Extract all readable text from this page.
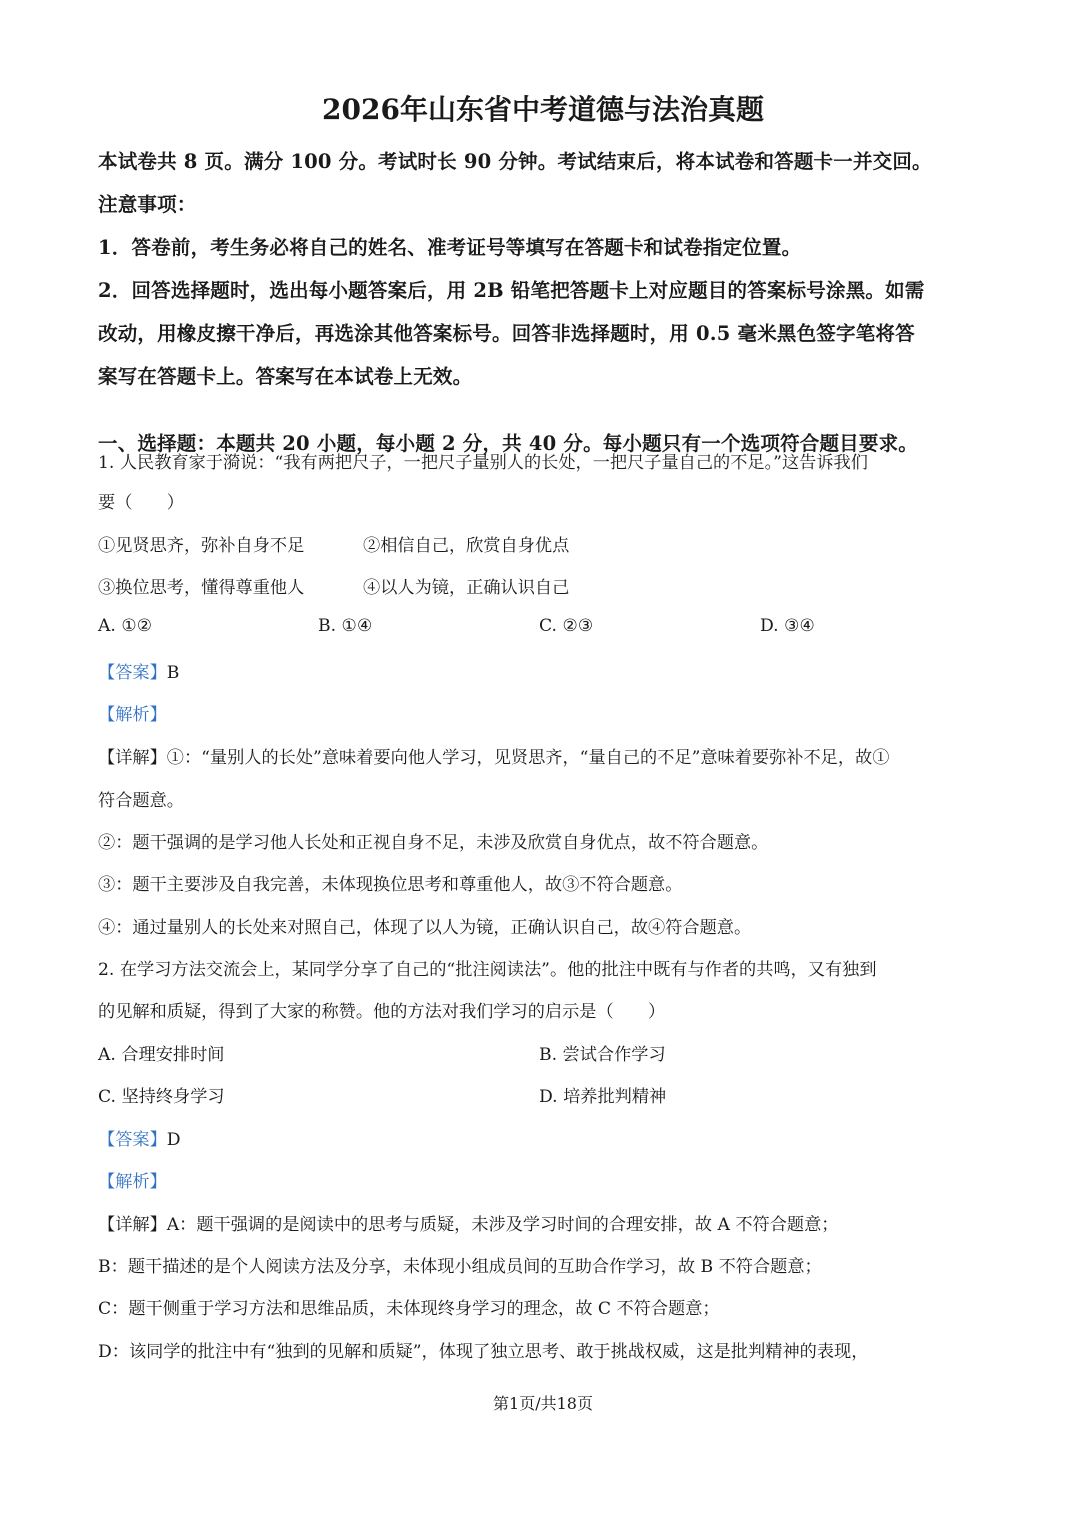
2026年山东省中考道德与法治真题
本试卷共 8 页。满分 100 分。考试时长 90 分钟。考试结束后，将本试卷和答题卡一并交回。
注意事项：
1．答卷前，考生务必将自己的姓名、准考证号等填写在答题卡和试卷指定位置。
2．回答选择题时，选出每小题答案后，用 2B 铅笔把答题卡上对应题目的答案标号涂黑。如需
改动，用橡皮擦干净后，再选涂其他答案标号。回答非选择题时，用 0.5 毫米黑色签字笔将答
案写在答题卡上。答案写在本试卷上无效。
一、选择题：本题共 20 小题，每小题 2 分，共 40 分。每小题只有一个选项符合题目要求。
1. 人民教育家于漪说：“我有两把尺子，一把尺子量别人的长处，一把尺子量自己的不足。”这告诉我们
要（　　）
①见贤思齐，弥补自身不足	②相信自己，欣赏自身优点
③换位思考，懂得尊重他人	④以人为镜，正确认识自己
A. ①②	B. ①④	C. ②③	D. ③④
【答案】B
【解析】
【详解】①：“量别人的长处”意味着要向他人学习，见贤思齐，“量自己的不足”意味着要弥补不足，故①
符合题意。
②：题干强调的是学习他人长处和正视自身不足，未涉及欣赏自身优点，故不符合题意。
③：题干主要涉及自我完善，未体现换位思考和尊重他人，故③不符合题意。
④：通过量别人的长处来对照自己，体现了以人为镜，正确认识自己，故④符合题意。
2. 在学习方法交流会上，某同学分享了自己的“批注阅读法”。他的批注中既有与作者的共鸣，又有独到
的见解和质疑，得到了大家的称赞。他的方法对我们学习的启示是（　　）
A. 合理安排时间	B. 尝试合作学习
C. 坚持终身学习	D. 培养批判精神
【答案】D
【解析】
【详解】A：题干强调的是阅读中的思考与质疑，未涉及学习时间的合理安排，故 A 不符合题意；
B：题干描述的是个人阅读方法及分享，未体现小组成员间的互助合作学习，故 B 不符合题意；
C：题干侧重于学习方法和思维品质，未体现终身学习的理念，故 C 不符合题意；
D：该同学的批注中有“独到的见解和质疑”，体现了独立思考、敢于挑战权威，这是批判精神的表现，
第1页/共18页
